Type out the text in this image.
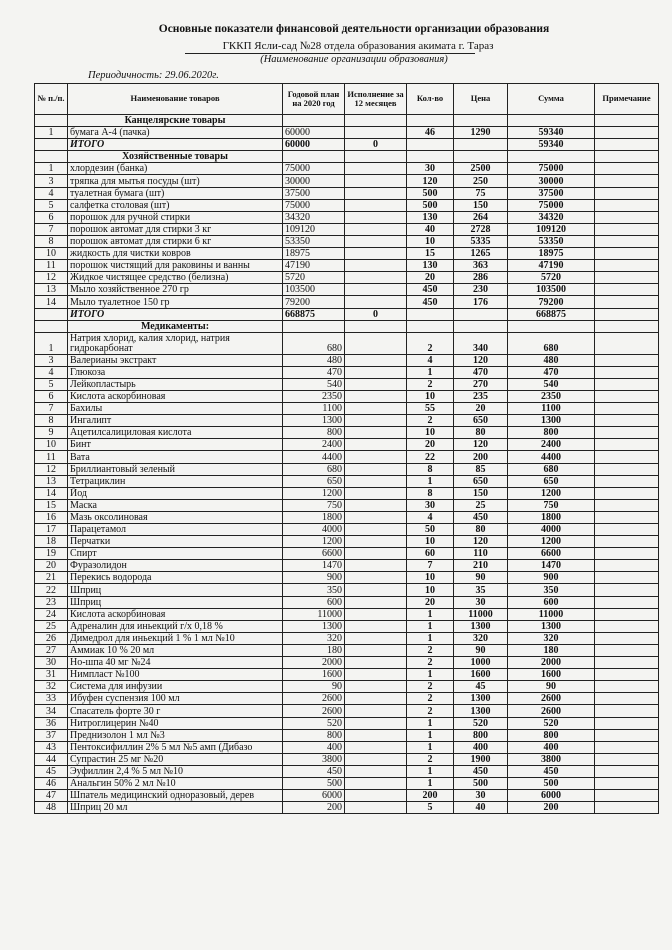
Основные показатели финансовой деятельности организации образования
ГККП Ясли-сад №28 отдела образования акимата г. Тараз
(Наименование организации образования)
Периодичность: 29.06.2020г.
№ п./п.	Наименование товаров	Годовой план на 2020 год	Исполнение за 12 месяцев	Кол-во	Цена	Сумма	Примечание
	Канцелярские товары						
1	бумага А-4 (пачка)	60000		46	1290	59340	
	ИТОГО	60000	0			59340	
	Хозяйственные товары						
1	хлордезин (банка)	75000		30	2500	75000	
3	тряпка для мытья посуды (шт)	30000		120	250	30000	
4	туалетная бумага (шт)	37500		500	75	37500	
5	салфетка столовая (шт)	75000		500	150	75000	
6	порошок для ручной стирки	34320		130	264	34320	
7	порошок автомат для стирки 3 кг	109120		40	2728	109120	
8	порошок автомат для стирки 6 кг	53350		10	5335	53350	
10	жидкость для чистки ковров	18975		15	1265	18975	
11	порошок чистящий для раковины и ванны	47190		130	363	47190	
12	Жидкое чистящее средство (белизна)	5720		20	286	5720	
13	Мыло хозяйственное 270 гр	103500		450	230	103500	
14	Мыло туалетное 150 гр	79200		450	176	79200	
	ИТОГО	668875	0			668875	
	Медикаменты:						
1	Натрия хлорид, калия хлорид, натрия гидрокарбонат	680		2	340	680	
3	Валерианы экстракт	480		4	120	480	
4	Глюкоза	470		1	470	470	
5	Лейкопластырь	540		2	270	540	
6	Кислота аскорбиновая	2350		10	235	2350	
7	Бахилы	1100		55	20	1100	
8	Ингалипт	1300		2	650	1300	
9	Ацетилсалициловая кислота	800		10	80	800	
10	Бинт	2400		20	120	2400	
11	Вата	4400		22	200	4400	
12	Бриллиантовый зеленый	680		8	85	680	
13	Тетрациклин	650		1	650	650	
14	Йод	1200		8	150	1200	
15	Маска	750		30	25	750	
16	Мазь оксолиновая	1800		4	450	1800	
17	Парацетамол	4000		50	80	4000	
18	Перчатки	1200		10	120	1200	
19	Спирт	6600		60	110	6600	
20	Фуразолидон	1470		7	210	1470	
21	Перекись водорода	900		10	90	900	
22	Шприц	350		10	35	350	
23	Шприц	600		20	30	600	
24	Кислота аскорбиновая	11000		1	11000	11000	
25	Адреналин для иньекций г/х 0,18 %	1300		1	1300	1300	
26	Димедрол для иньекций 1 % 1 мл №10	320		1	320	320	
27	Аммиак 10 % 20 мл	180		2	90	180	
30	Но-шпа 40 мг №24	2000		2	1000	2000	
31	Нимпласт №100	1600		1	1600	1600	
32	Система для инфузии	90		2	45	90	
33	Ибуфен суспензия 100 мл	2600		2	1300	2600	
34	Спасатель форте 30 г	2600		2	1300	2600	
36	Нитроглицерин №40	520		1	520	520	
37	Преднизолон 1 мл №3	800		1	800	800	
43	Пентоксифиллин 2% 5 мл №5 амп (Дибазо	400		1	400	400	
44	Супрастин 25 мг №20	3800		2	1900	3800	
45	Эуфиллин 2,4 % 5 мл №10	450		1	450	450	
46	Анальгин 50% 2 мл №10	500		1	500	500	
47	Шпатель медицинский одноразовый, дерев	6000		200	30	6000	
48	Шприц 20 мл	200		5	40	200	
